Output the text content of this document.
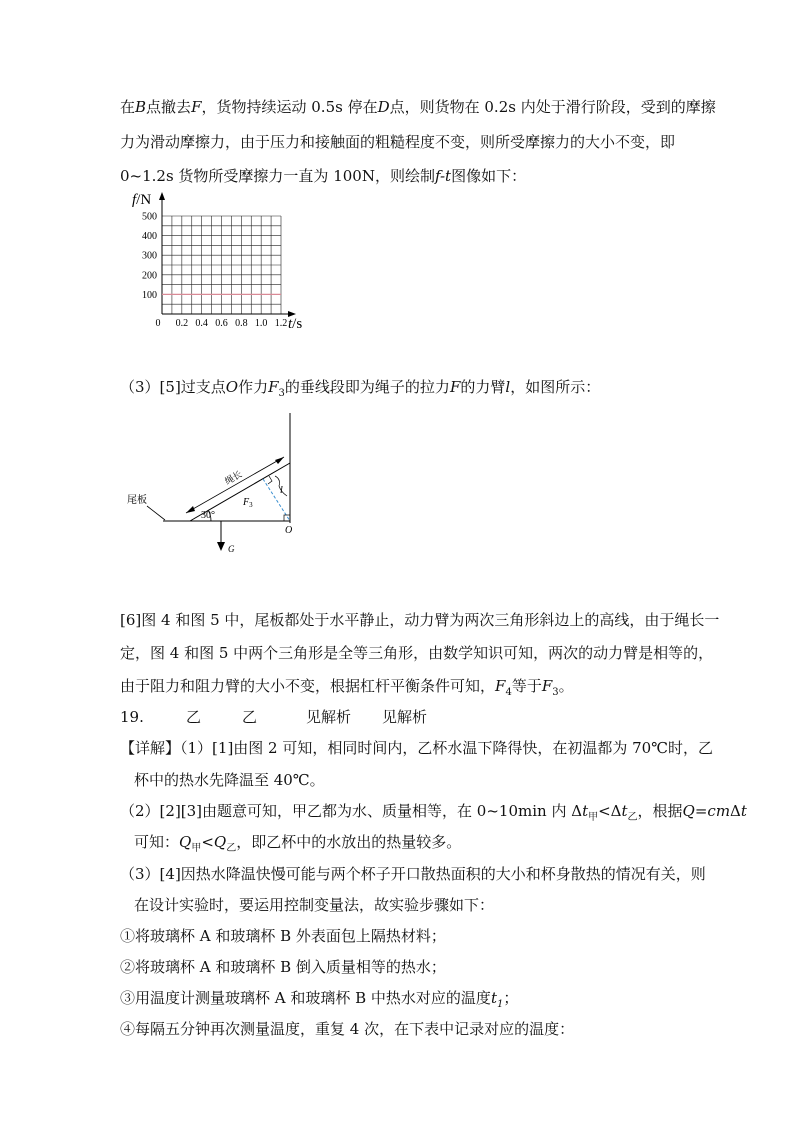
在B点撤去F，货物持续运动 0.5s 停在D点，则货物在 0.2s 内处于滑行阶段，受到的摩擦
力为滑动摩擦力，由于压力和接触面的粗糙程度不变，则所受摩擦力的大小不变，即
0~1.2s 货物所受摩擦力一直为 100N，则绘制f-t图像如下：
f/N
100
200
300
400
500
0 0.2 0.4 0.6 0.8 1.0 1.2 t/s
（3）[5]过支点O作力$F_3$的垂线段即为绳子的拉力F的力臂l，如图所示：
尾板
绳长
$F_3$
l
30°
O
G
[6]图 4 和图 5 中，尾板都处于水平静止，动力臂为两次三角形斜边上的高线，由于绳长一
定，图 4 和图 5 中两个三角形是全等三角形，由数学知识可知，两次的动力臂是相等的，
由于阻力和阻力臂的大小不变，根据杠杆平衡条件可知，$F_4$等于$F_3$。
19.	乙	乙	见解析 见解析
【详解】（1）[1]由图 2 可知，相同时间内，乙杯水温下降得快，在初温都为 70℃时，乙
杯中的热水先降温至 40℃。
（2）[2][3]由题意可知，甲乙都为水、质量相等，在 0~10min 内 $\Delta t_甲<\Delta t_乙$，根据Q=cmΔt
可知：$Q_甲<Q_乙$，即乙杯中的水放出的热量较多。
（3）[4]因热水降温快慢可能与两个杯子开口散热面积的大小和杯身散热的情况有关，则
在设计实验时，要运用控制变量法，故实验步骤如下：
①将玻璃杯 A 和玻璃杯 B 外表面包上隔热材料；
②将玻璃杯 A 和玻璃杯 B 倒入质量相等的热水；
③用温度计测量玻璃杯 A 和玻璃杯 B 中热水对应的温度$t_1$；
④每隔五分钟再次测量温度，重复 4 次，在下表中记录对应的温度：
